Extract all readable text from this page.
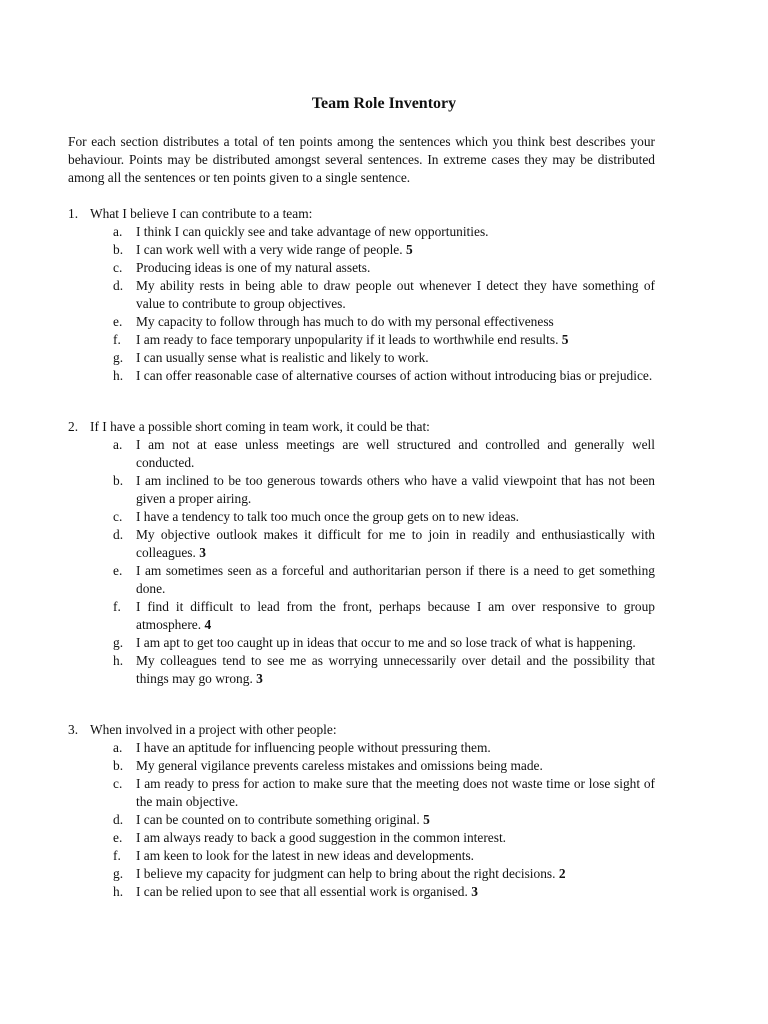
Team Role Inventory

For each section distributes a total of ten points among the sentences which you think best describes your behaviour. Points may be distributed amongst several sentences. In extreme cases they may be distributed among all the sentences or ten points given to a single sentence.

1. What I believe I can contribute to a team:
a. I think I can quickly see and take advantage of new opportunities.
b. I can work well with a very wide range of people. 5
c. Producing ideas is one of my natural assets.
d. My ability rests in being able to draw people out whenever I detect they have something of value to contribute to group objectives.
e. My capacity to follow through has much to do with my personal effectiveness
f. I am ready to face temporary unpopularity if it leads to worthwhile end results. 5
g. I can usually sense what is realistic and likely to work.
h. I can offer reasonable case of alternative courses of action without introducing bias or prejudice.
2. If I have a possible short coming in team work, it could be that:
a. I am not at ease unless meetings are well structured and controlled and generally well conducted.
b. I am inclined to be too generous towards others who have a valid viewpoint that has not been given a proper airing.
c. I have a tendency to talk too much once the group gets on to new ideas.
d. My objective outlook makes it difficult for me to join in readily and enthusiastically with colleagues. 3
e. I am sometimes seen as a forceful and authoritarian person if there is a need to get something done.
f. I find it difficult to lead from the front, perhaps because I am over responsive to group atmosphere. 4
g. I am apt to get too caught up in ideas that occur to me and so lose track of what is happening.
h. My colleagues tend to see me as worrying unnecessarily over detail and the possibility that things may go wrong. 3
3. When involved in a project with other people:
a. I have an aptitude for influencing people without pressuring them.
b. My general vigilance prevents careless mistakes and omissions being made.
c. I am ready to press for action to make sure that the meeting does not waste time or lose sight of the main objective.
d. I can be counted on to contribute something original. 5
e. I am always ready to back a good suggestion in the common interest.
f. I am keen to look for the latest in new ideas and developments.
g. I believe my capacity for judgment can help to bring about the right decisions. 2
h. I can be relied upon to see that all essential work is organised. 3
